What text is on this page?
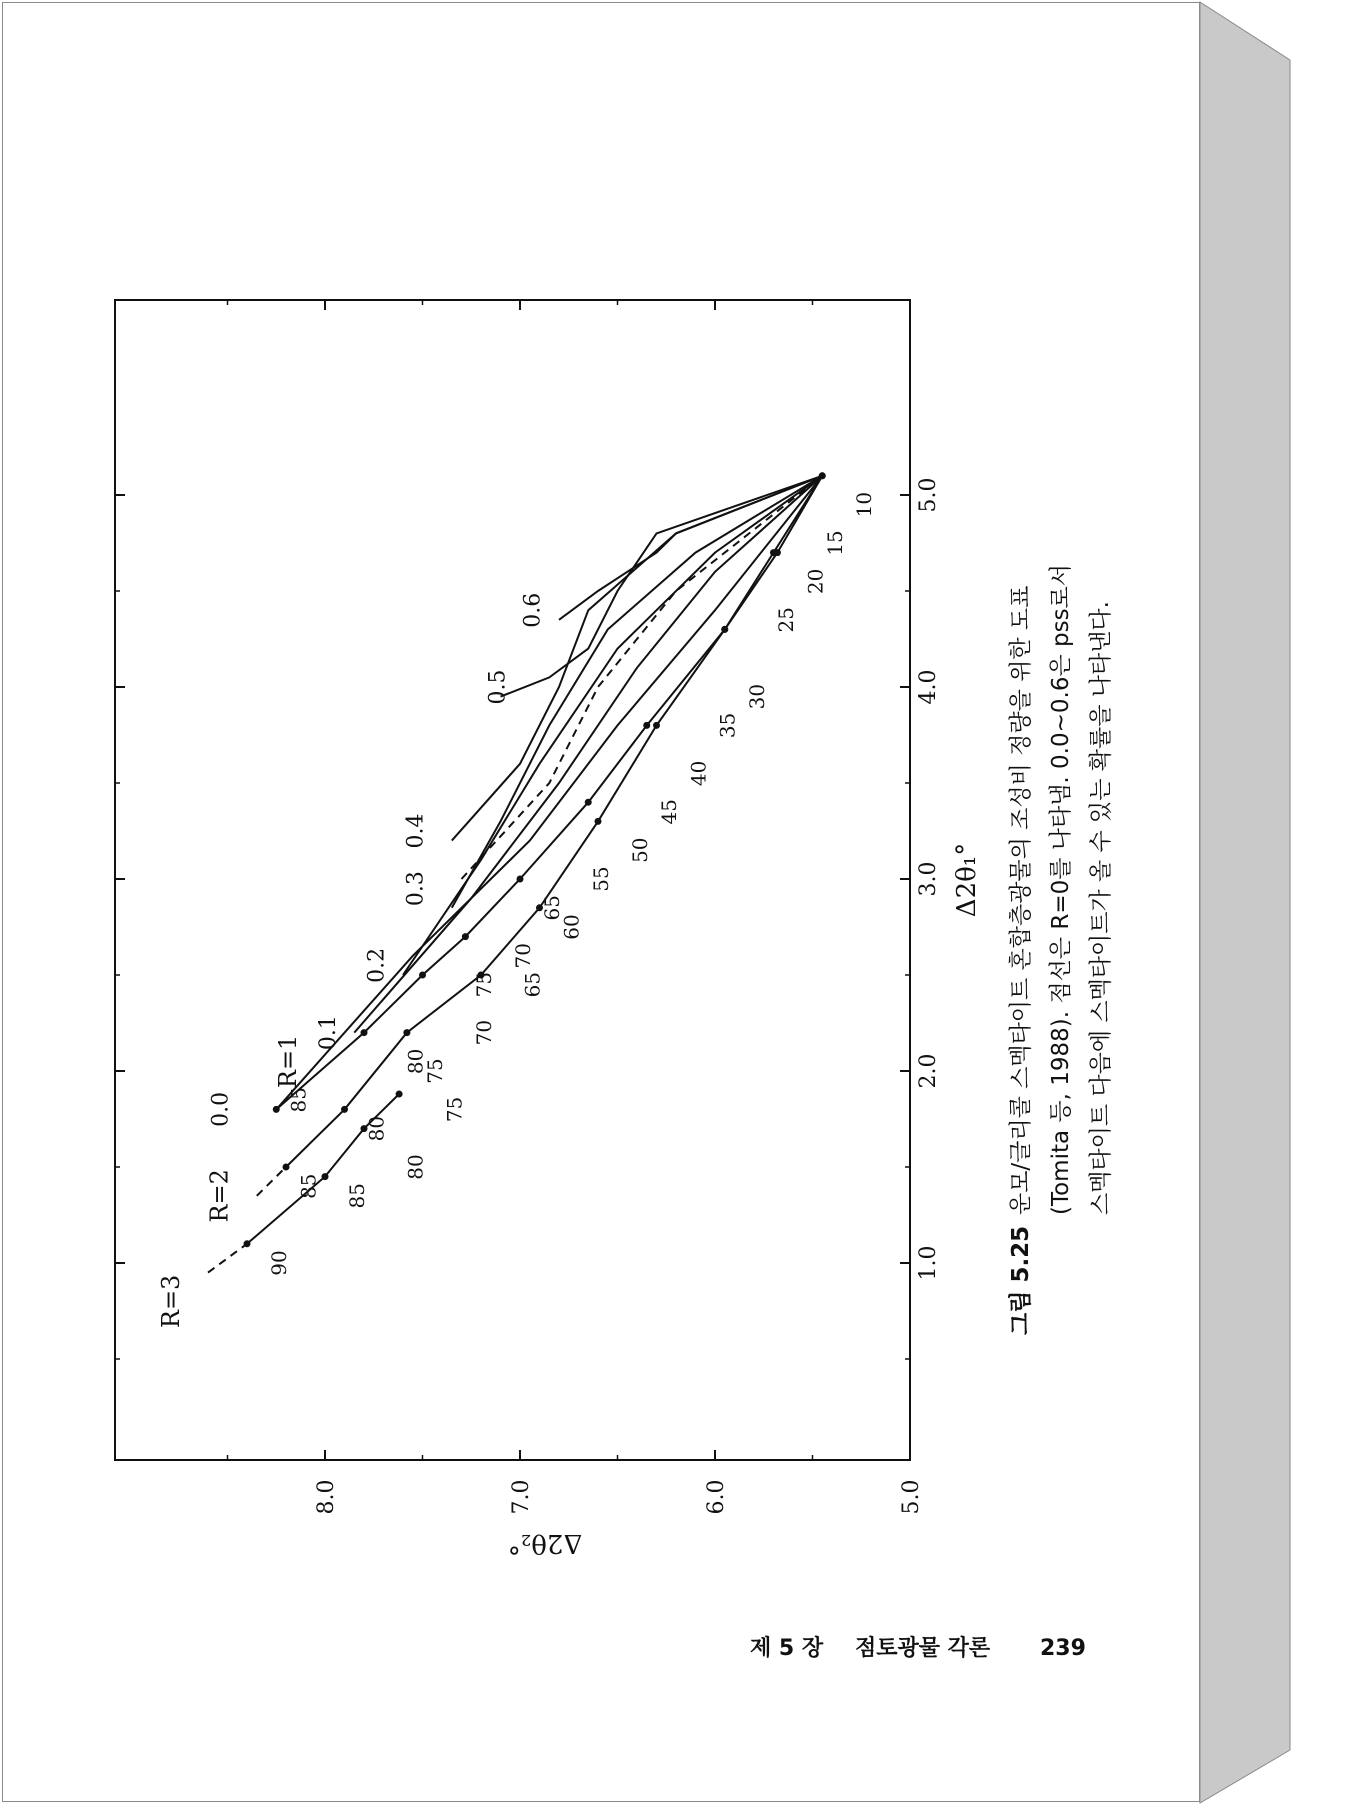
1.0
2.0
3.0
4.0
5.0
5.0
6.0
7.0
8.0
R=1
R=2
R=3
0.0
0.1
0.2
0.3
0.4
0.5
0.6
85
80
75
70
65
60
55
50
45
40
35
30
25
20
15
10
85
80
75
70
65
90
85
80
75
Δ2θ₁°
Δ2θ₂°
그림 5.25
운모/글리콜 스멕타이트 혼합층광물의 조성비 정량을 위한 도표 (Tomita 등, 1988). 점선은 R=0를 나타냄. 0.0~0.6은 pss로서 스멕타이트 다음에 스멕타이트가 올 수 있는 확률을 나타낸다.
제 5 장 점토광물 각론 239
